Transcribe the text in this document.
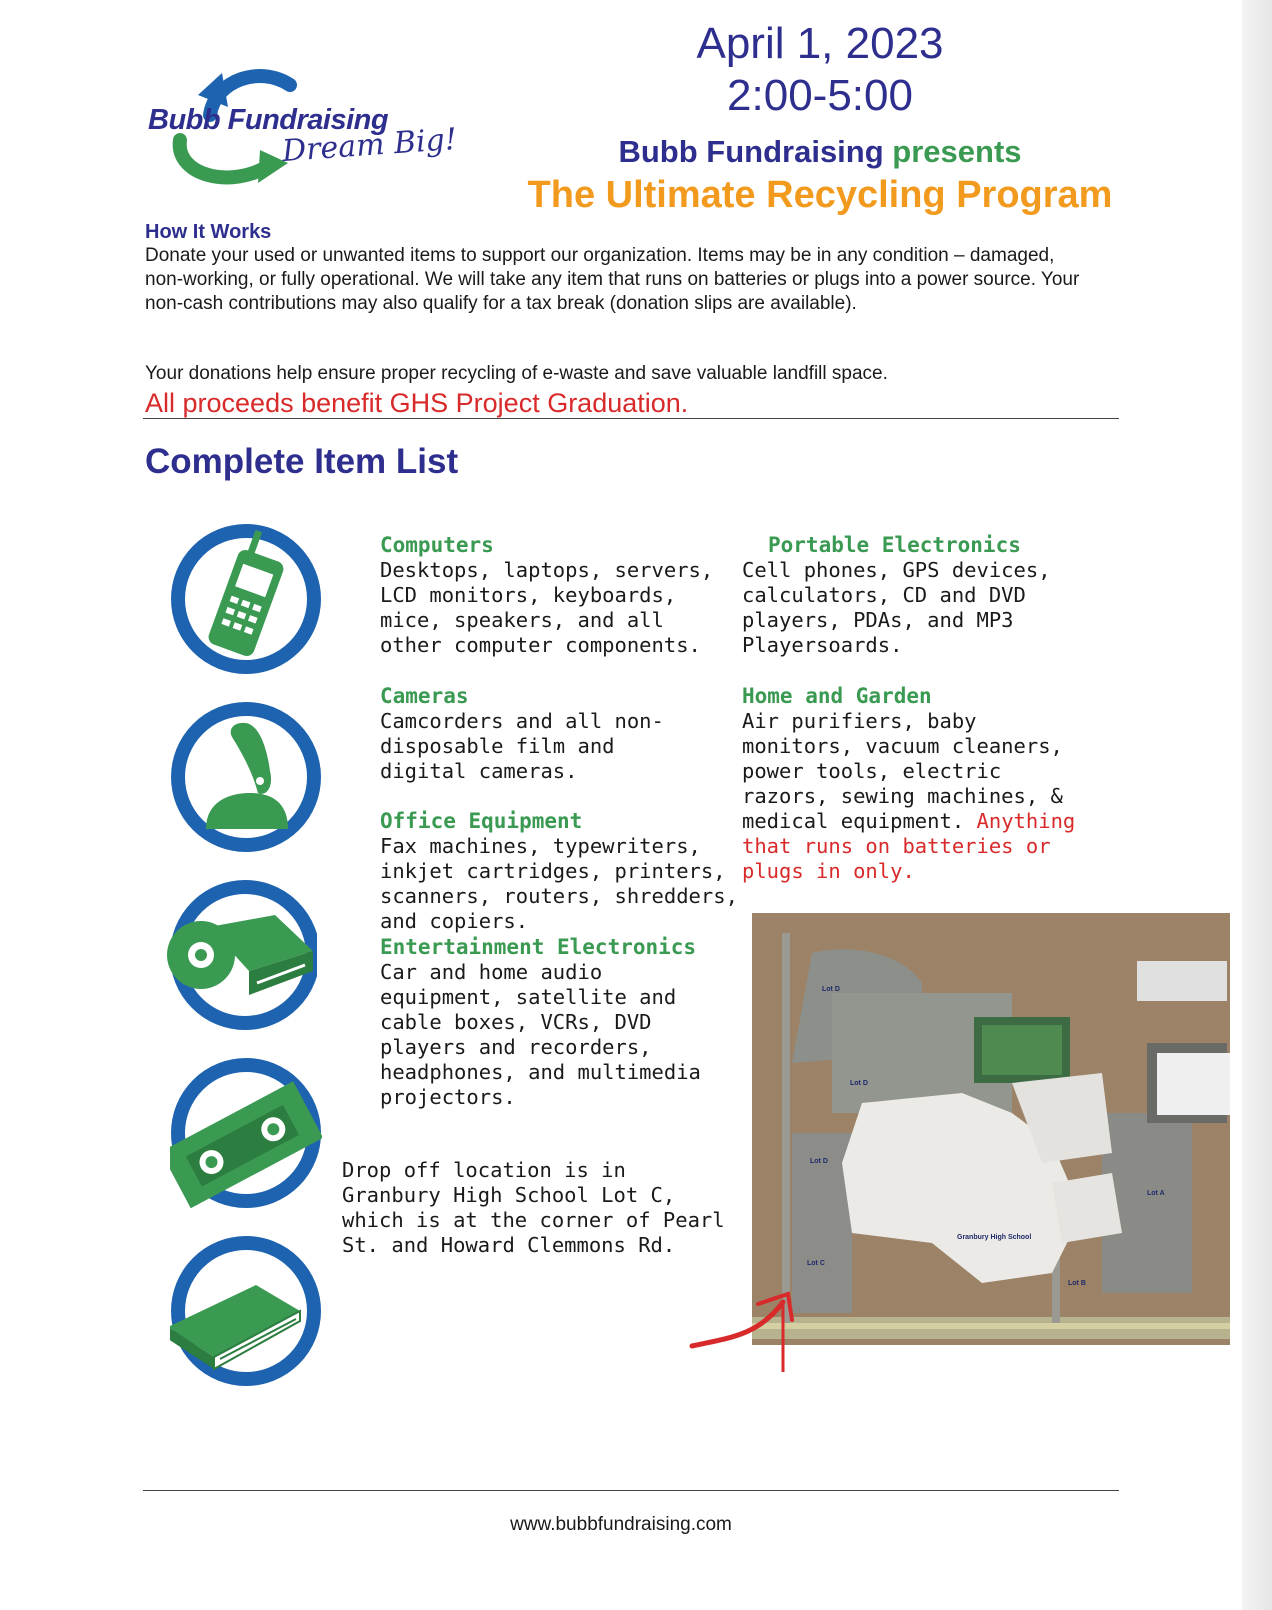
Bubb Fundraising
Dream Big!
April 1, 2023
2:00-5:00
Bubb Fundraising presents
The Ultimate Recycling Program
How It Works
Donate your used or unwanted items to support our organization. Items may be in any condition – damaged, non-working, or fully operational. We will take any item that runs on batteries or plugs into a power source. Your non-cash contributions may also qualify for a tax break (donation slips are available).
Your donations help ensure proper recycling of e-waste and save valuable landfill space.
All proceeds benefit GHS Project Graduation.
Complete Item List
Computers

Desktops, laptops, servers, LCD monitors, keyboards, mice, speakers, and all other computer components.

Portable Electronics

Cell phones, GPS devices, calculators, CD and DVD players, PDAs, and MP3 Playersoards.

Cameras

Camcorders and all non-disposable film and digital cameras.

Home and Garden

Air purifiers, baby monitors, vacuum cleaners, power tools, electric razors, sewing machines, & medical equipment. Anything that runs on batteries or plugs in only.

Office Equipment

Fax machines, typewriters, inkjet cartridges, printers, scanners, routers, shredders, and copiers.

Entertainment Electronics

Car and home audio equipment, satellite and cable boxes, VCRs, DVD players and recorders, headphones, and multimedia projectors.

Drop off location is in Granbury High School Lot C, which is at the corner of Pearl St. and Howard Clemmons Rd.
Lot D
Lot D
Lot D
Lot C
Lot A
Lot B
Granbury High School
www.bubbfundraising.com
